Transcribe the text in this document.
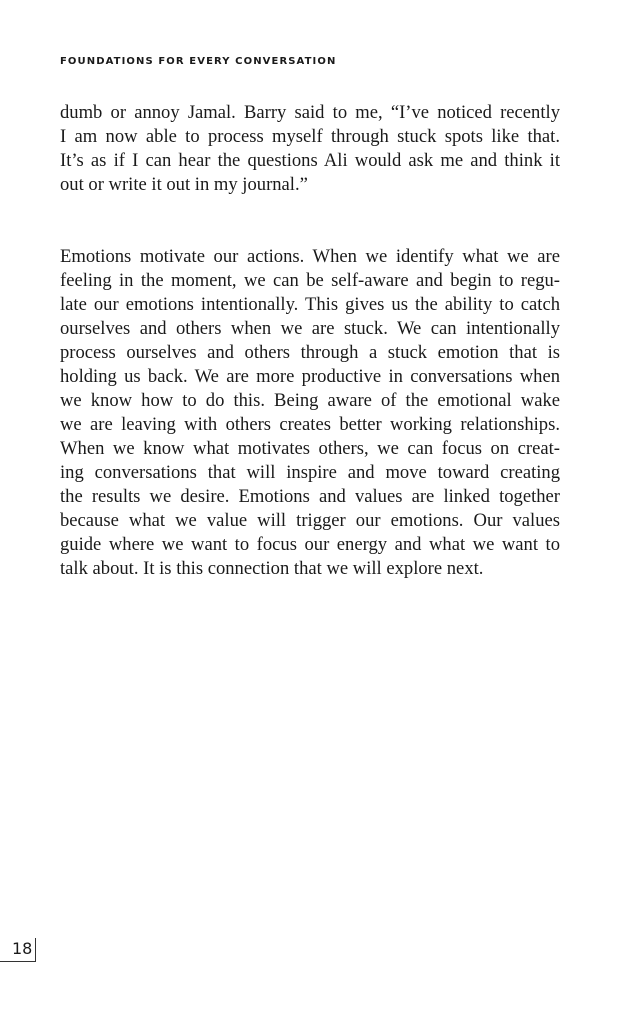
FOUNDATIONS FOR EVERY CONVERSATION
dumb or annoy Jamal. Barry said to me, “I’ve noticed recently
I am now able to process myself through stuck spots like that.
It’s as if I can hear the questions Ali would ask me and think it
out or write it out in my journal.”
Emotions motivate our actions. When we identify what we are
feeling in the moment, we can be self-aware and begin to regu-
late our emotions intentionally. This gives us the ability to catch
ourselves and others when we are stuck. We can intentionally
process ourselves and others through a stuck emotion that is
holding us back. We are more productive in conversations when
we know how to do this. Being aware of the emotional wake
we are leaving with others creates better working relationships.
When we know what motivates others, we can focus on creat-
ing conversations that will inspire and move toward creating
the results we desire. Emotions and values are linked together
because what we value will trigger our emotions. Our values
guide where we want to focus our energy and what we want to
talk about. It is this connection that we will explore next.
18
